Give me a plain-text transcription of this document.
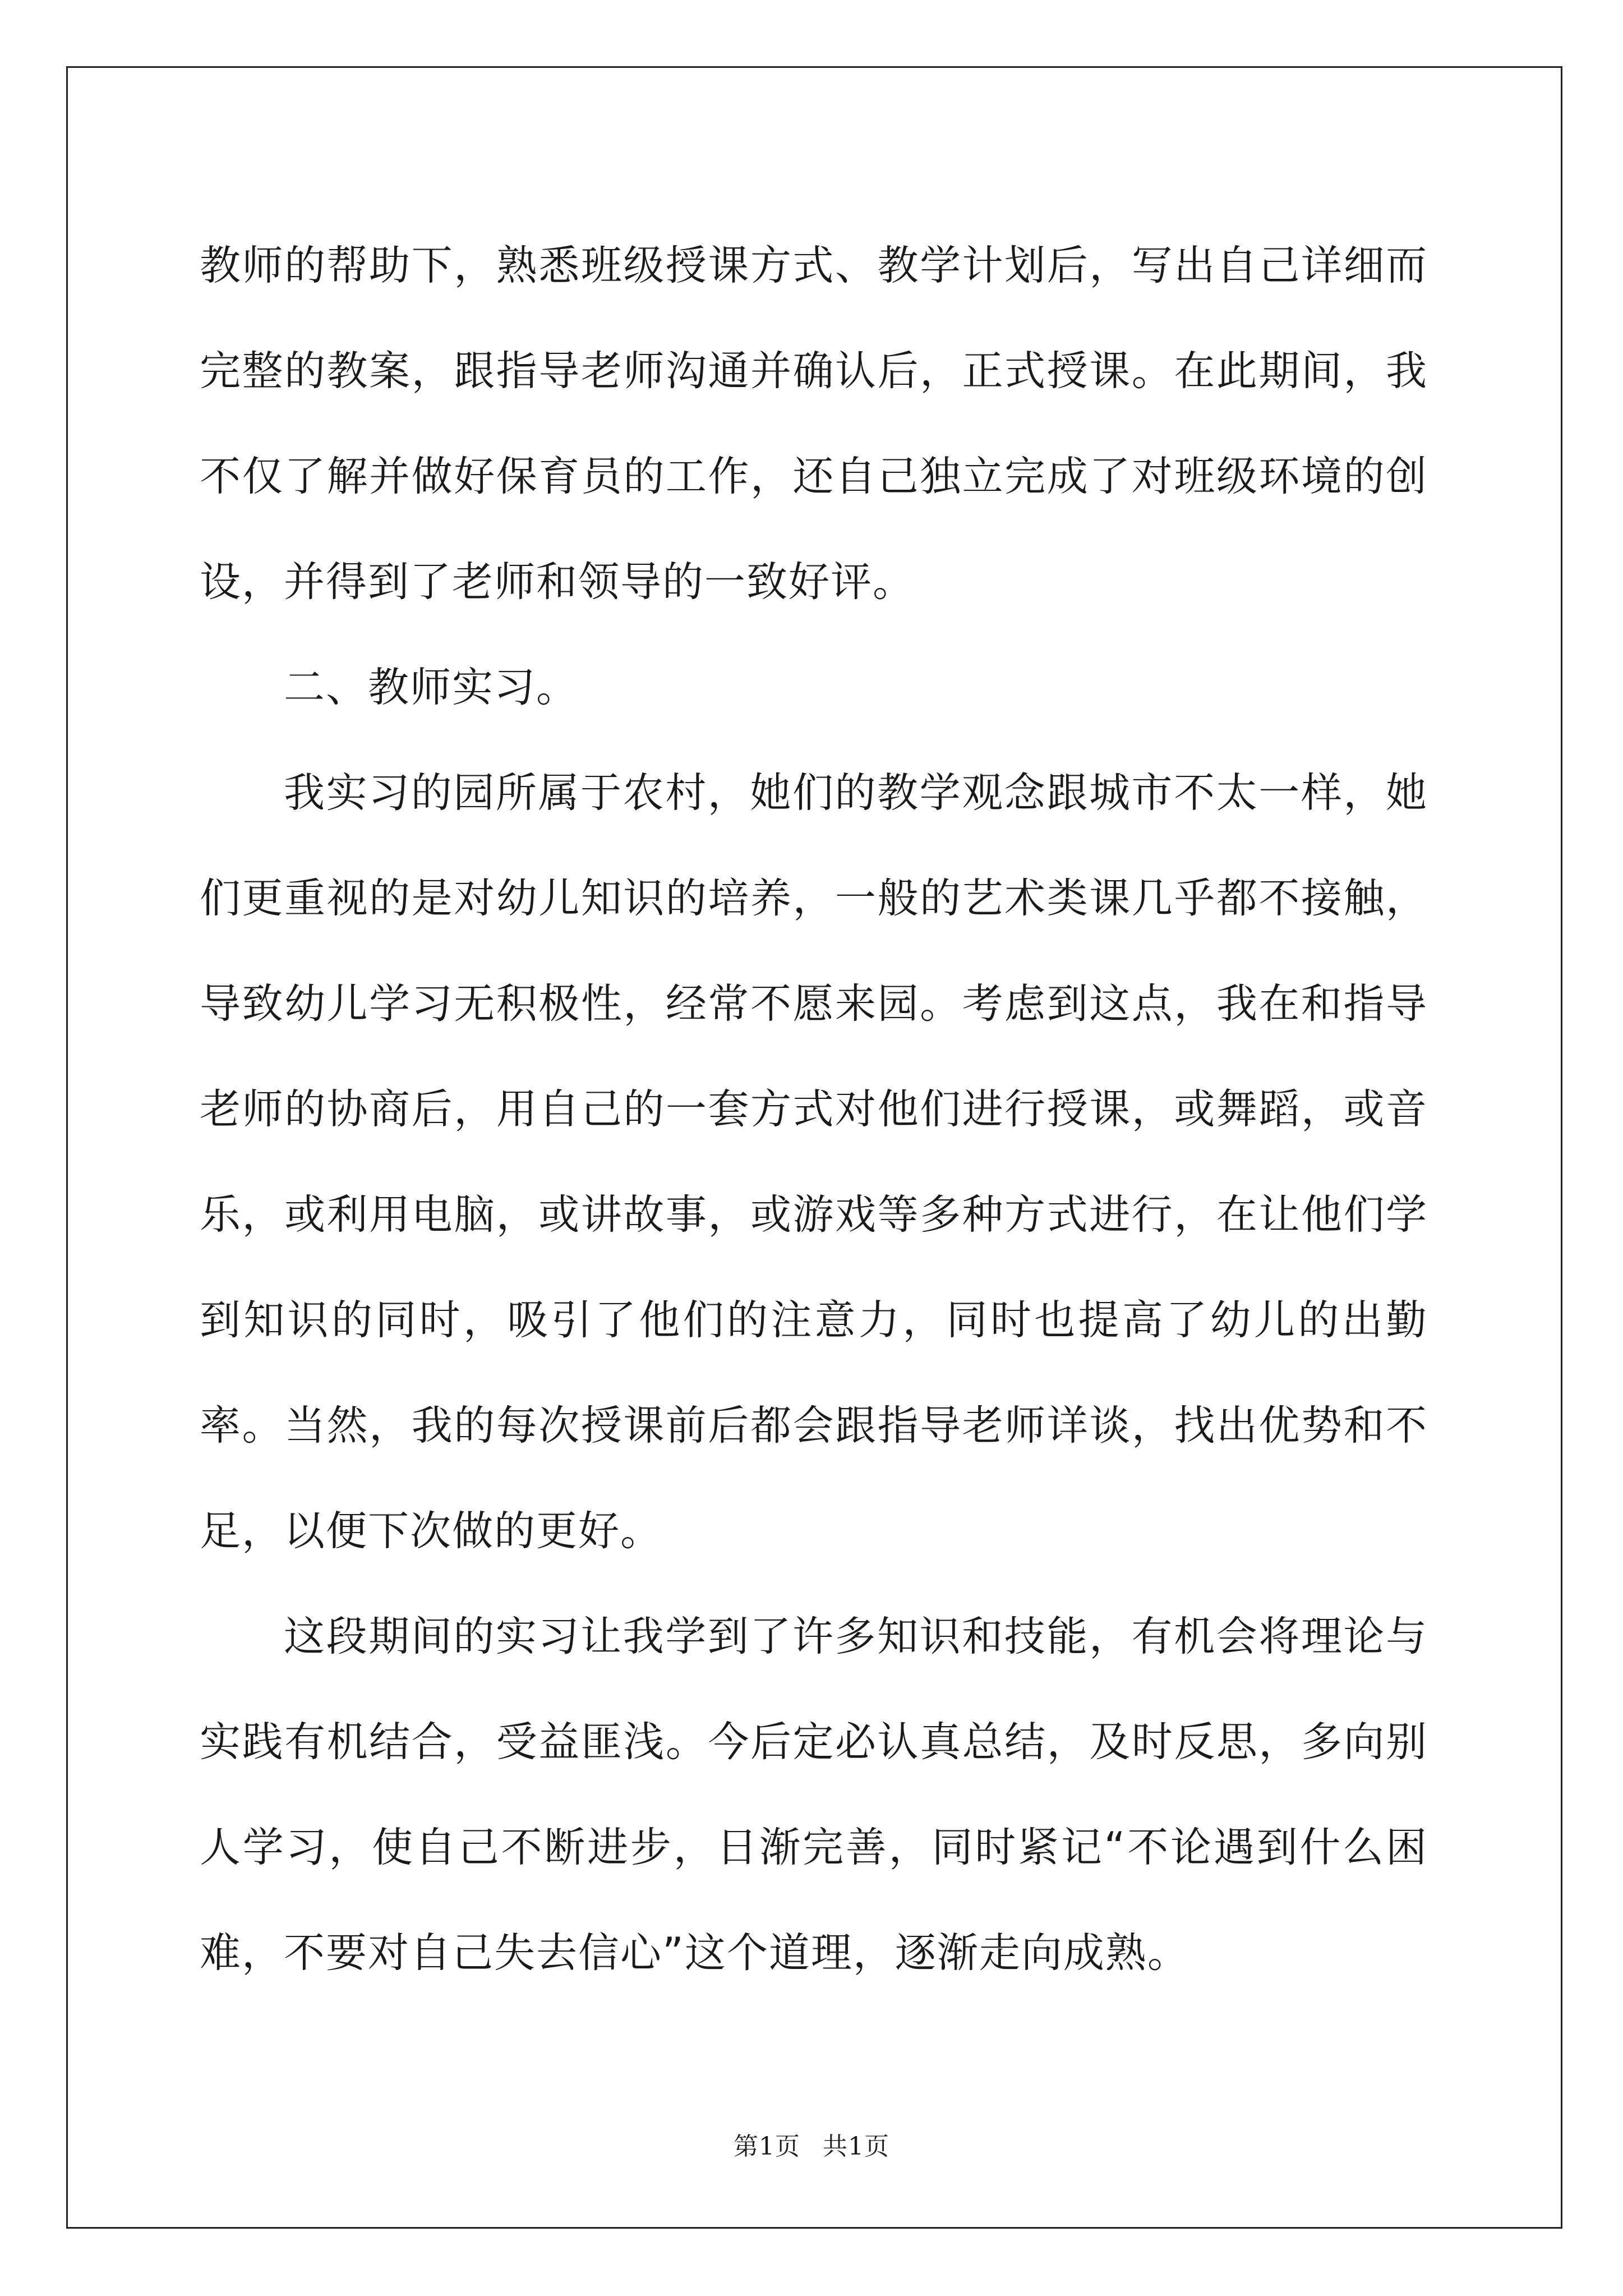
教师的帮助下，熟悉班级授课方式、教学计划后，写出自己详细而完整的教案，跟指导老师沟通并确认后，正式授课。在此期间，我不仅了解并做好保育员的工作，还自己独立完成了对班级环境的创设，并得到了老师和领导的一致好评。

二、教师实习。

我实习的园所属于农村，她们的教学观念跟城市不太一样，她们更重视的是对幼儿知识的培养，一般的艺术类课几乎都不接触，导致幼儿学习无积极性，经常不愿来园。考虑到这点，我在和指导老师的协商后，用自己的一套方式对他们进行授课，或舞蹈，或音乐，或利用电脑，或讲故事，或游戏等多种方式进行，在让他们学到知识的同时，吸引了他们的注意力，同时也提高了幼儿的出勤率。当然，我的每次授课前后都会跟指导老师详谈，找出优势和不足，以便下次做的更好。

这段期间的实习让我学到了许多知识和技能，有机会将理论与实践有机结合，受益匪浅。今后定必认真总结，及时反思，多向别人学习，使自己不断进步，日渐完善，同时紧记“不论遇到什么困难，不要对自己失去信心”这个道理，逐渐走向成熟。

第1页 共1页
